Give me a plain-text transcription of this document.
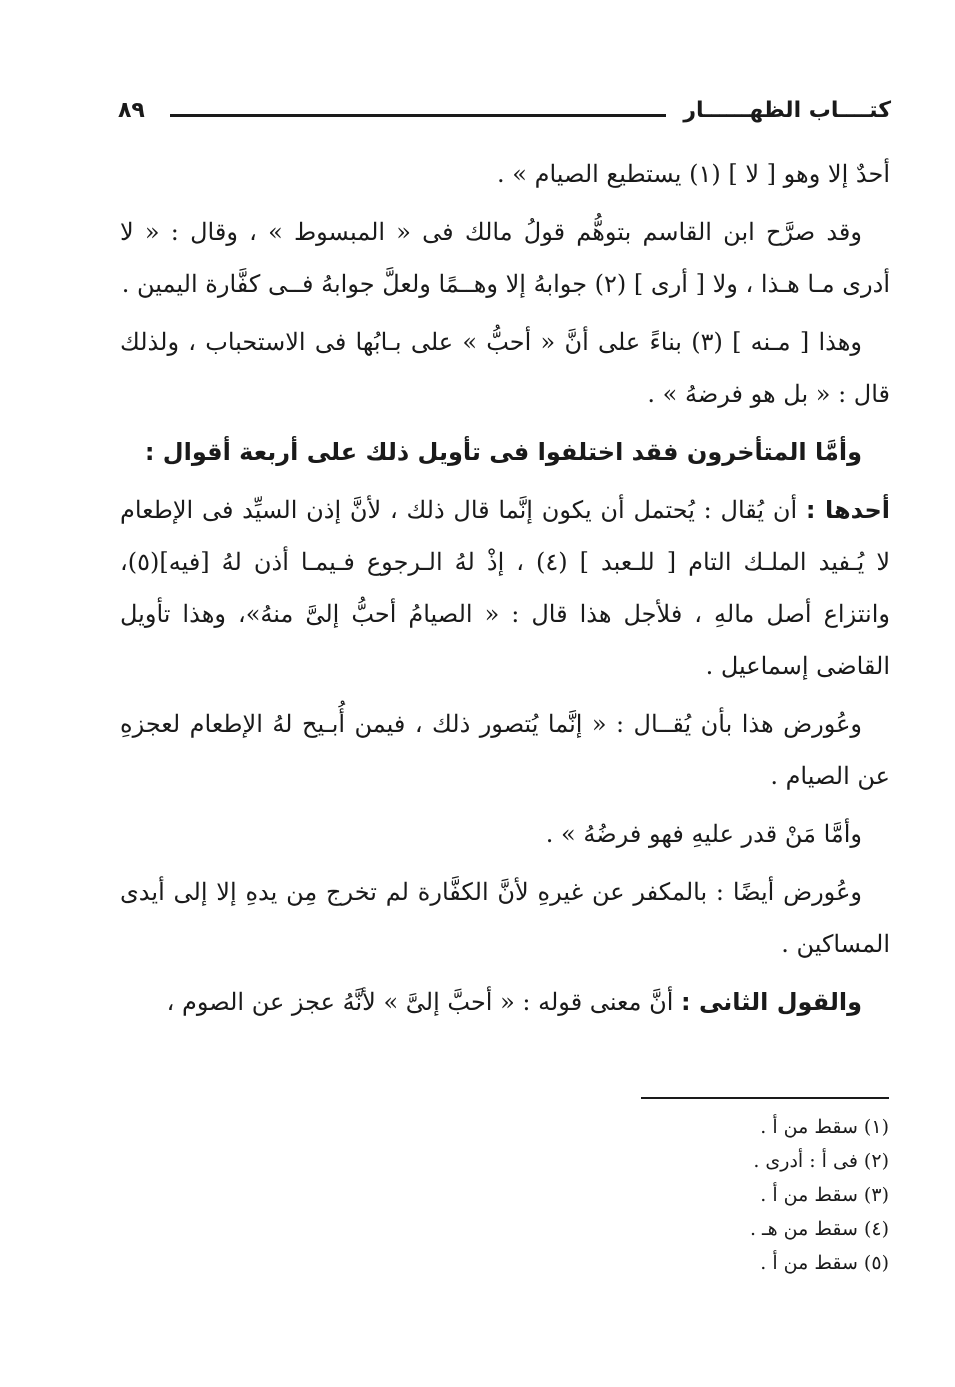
كتــــاب الظهــــــار
٨٩

أحدٌ إلا وهو [ لا ] (١) يستطيع الصيام » .

وقد صرَّح ابن القاسم بتوهُّم قولُ مالك فى « المبسوط » ، وقال : « لا أدرى مـا هـذا ، ولا [ أرى ] (٢) جوابهُ إلا وهــمًا ولعلَّ جوابهُ فــى كفَّارة اليمين .

وهذا [ مـنه ] (٣) بناءً على أنَّ « أحبُّ » على بـابُها فى الاستحباب ، ولذلك قال : « بل هو فرضهُ » .

وأمَّا المتأخرون فقد اختلفوا فى تأويل ذلك على أربعة أقوال :

أحدها : أن يُقال : يُحتمل أن يكون إنَّما قال ذلك ، لأنَّ إذن السيِّد فى الإطعام لا يُـفيد الملـك التام [ للـعبد ] (٤) ، إذْ لهُ الـرجوع فـيمـا أذن لهُ [فيه](٥)، وانتزاع أصل مالهِ ، فلأجل هذا قال : « الصيامُ أحبُّ إلىَّ منهُ»، وهذا تأويل القاضى إسماعيل .

وعُورض هذا بأن يُقــال : « إنَّما يُتصور ذلك ، فيمن أُبـيح لهُ الإطعام لعجزهِ عن الصيام .

وأمَّا مَنْ قدر عليهِ فهو فرضُهُ » .

وعُورض أيضًا : بالمكفر عن غيرهِ لأنَّ الكفَّارة لم تخرج مِن يدهِ إلا إلى أيدى المساكين .

والقول الثانى : أنَّ معنى قوله : « أحبَّ إلىَّ » لأنَّهُ عجز عن الصوم ،

(١) سقط من أ .
(٢) فى أ : أدرى .
(٣) سقط من أ .
(٤) سقط من هـ .
(٥) سقط من أ .
